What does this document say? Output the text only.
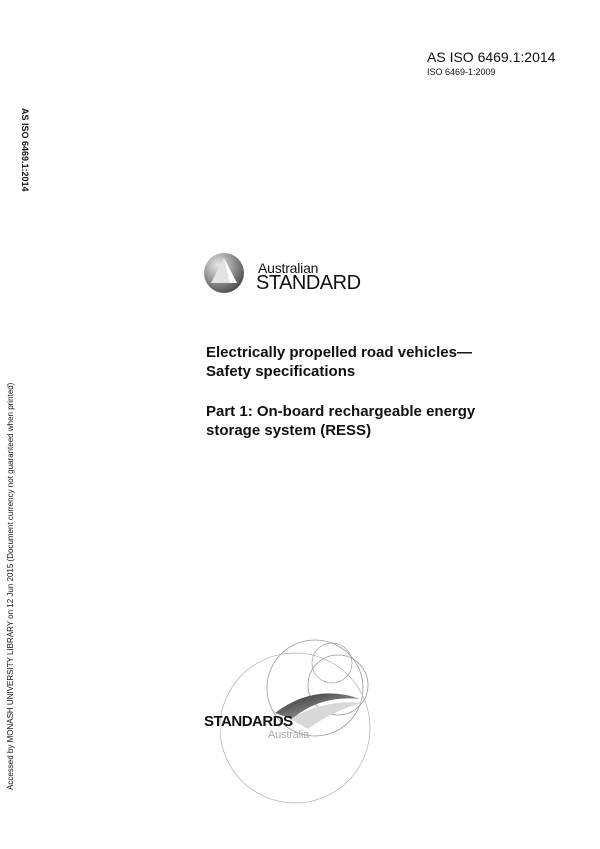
AS ISO 6469.1:2014
ISO 6469-1:2009
AS ISO 6469.1:2014
Accessed by MONASH UNIVERSITY LIBRARY on 12 Jun 2015 (Document currency not guaranteed when printed)
Australian
STANDARD
Electrically propelled road vehicles—
Safety specifications
Part 1: On-board rechargeable energy
storage system (RESS)
STANDARDS
Australia
